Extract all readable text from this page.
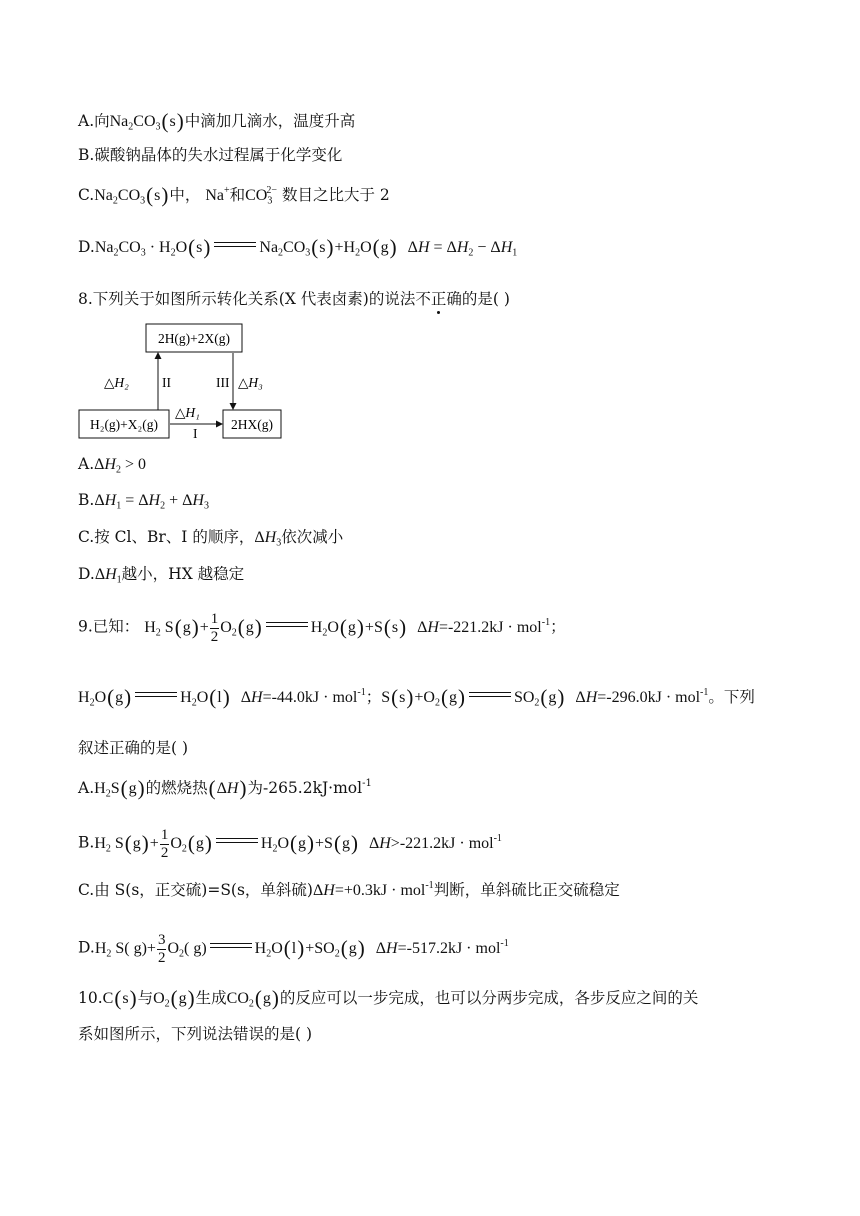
A.向$Na_2CO_3(s)$中滴加几滴水，温度升高
B.碳酸钠晶体的失水过程属于化学变化
$C.Na_2CO_3(s)$中， Na+和$CO_3^{2-}$ 数目之比大于 2
$D.Na_2CO_3 \cdot H_2O(s)$	$Na_2CO_3(s)+H_2O(g) \Delta H = \Delta H_2 - \Delta H_1$
8.下列关于如图所示转化关系(X 代表卤素)的说法不正确的是( )
2H(g)+2X(g)
H₂(g)+X₂(g)	2HX(g)
△H₂ II	III △H₃
△H₁
I
$A.\Delta H_2 > 0$
$B.\Delta H_1 = \Delta H_2 + \Delta H_3$
C.按 Cl、Br、I 的顺序，$\Delta H_3$依次减小
$D.\Delta H_1$越小，HX 越稳定
9.已知： $H_2$ $S(g)+ \frac{1}{2} O_2(g)$	$H_2O(g)+S(s) \Delta H=-221.2kJ \cdot mol^{-1}$；
$H_2O(g)$	$H_2O(l) \Delta H=-44.0kJ \cdot mol^{-1}$；$S(s)+O_2(g)$	$SO_2(g) \Delta H=-296.0kJ \cdot mol^{-1}$。下列
叙述正确的是( )
$A.H_2S(g)$的燃烧热(ΔH)为-265.2kJ·mol$^{-1}$
$B.H_2$ $S(g)+ \frac{1}{2} O_2(g)$	$H_2O(g)+S(g) \Delta H>-221.2kJ \cdot mol^{-1}$
C.由 S(s，正交硫)=S(s，单斜硫)ΔH=+0.3kJ · mol$^{-1}$判断，单斜硫比正交硫稳定
$D.H_2$ S( $g)+ \frac{3}{2} O_2$( g)	$H_2O(l)+SO_2(g) \Delta H=-517.2kJ \cdot mol^{-1}$
10.C(s)与$O_2(g)$生成$CO_2(g)$的反应可以一步完成，也可以分两步完成，各步反应之间的关
系如图所示，下列说法错误的是( )
